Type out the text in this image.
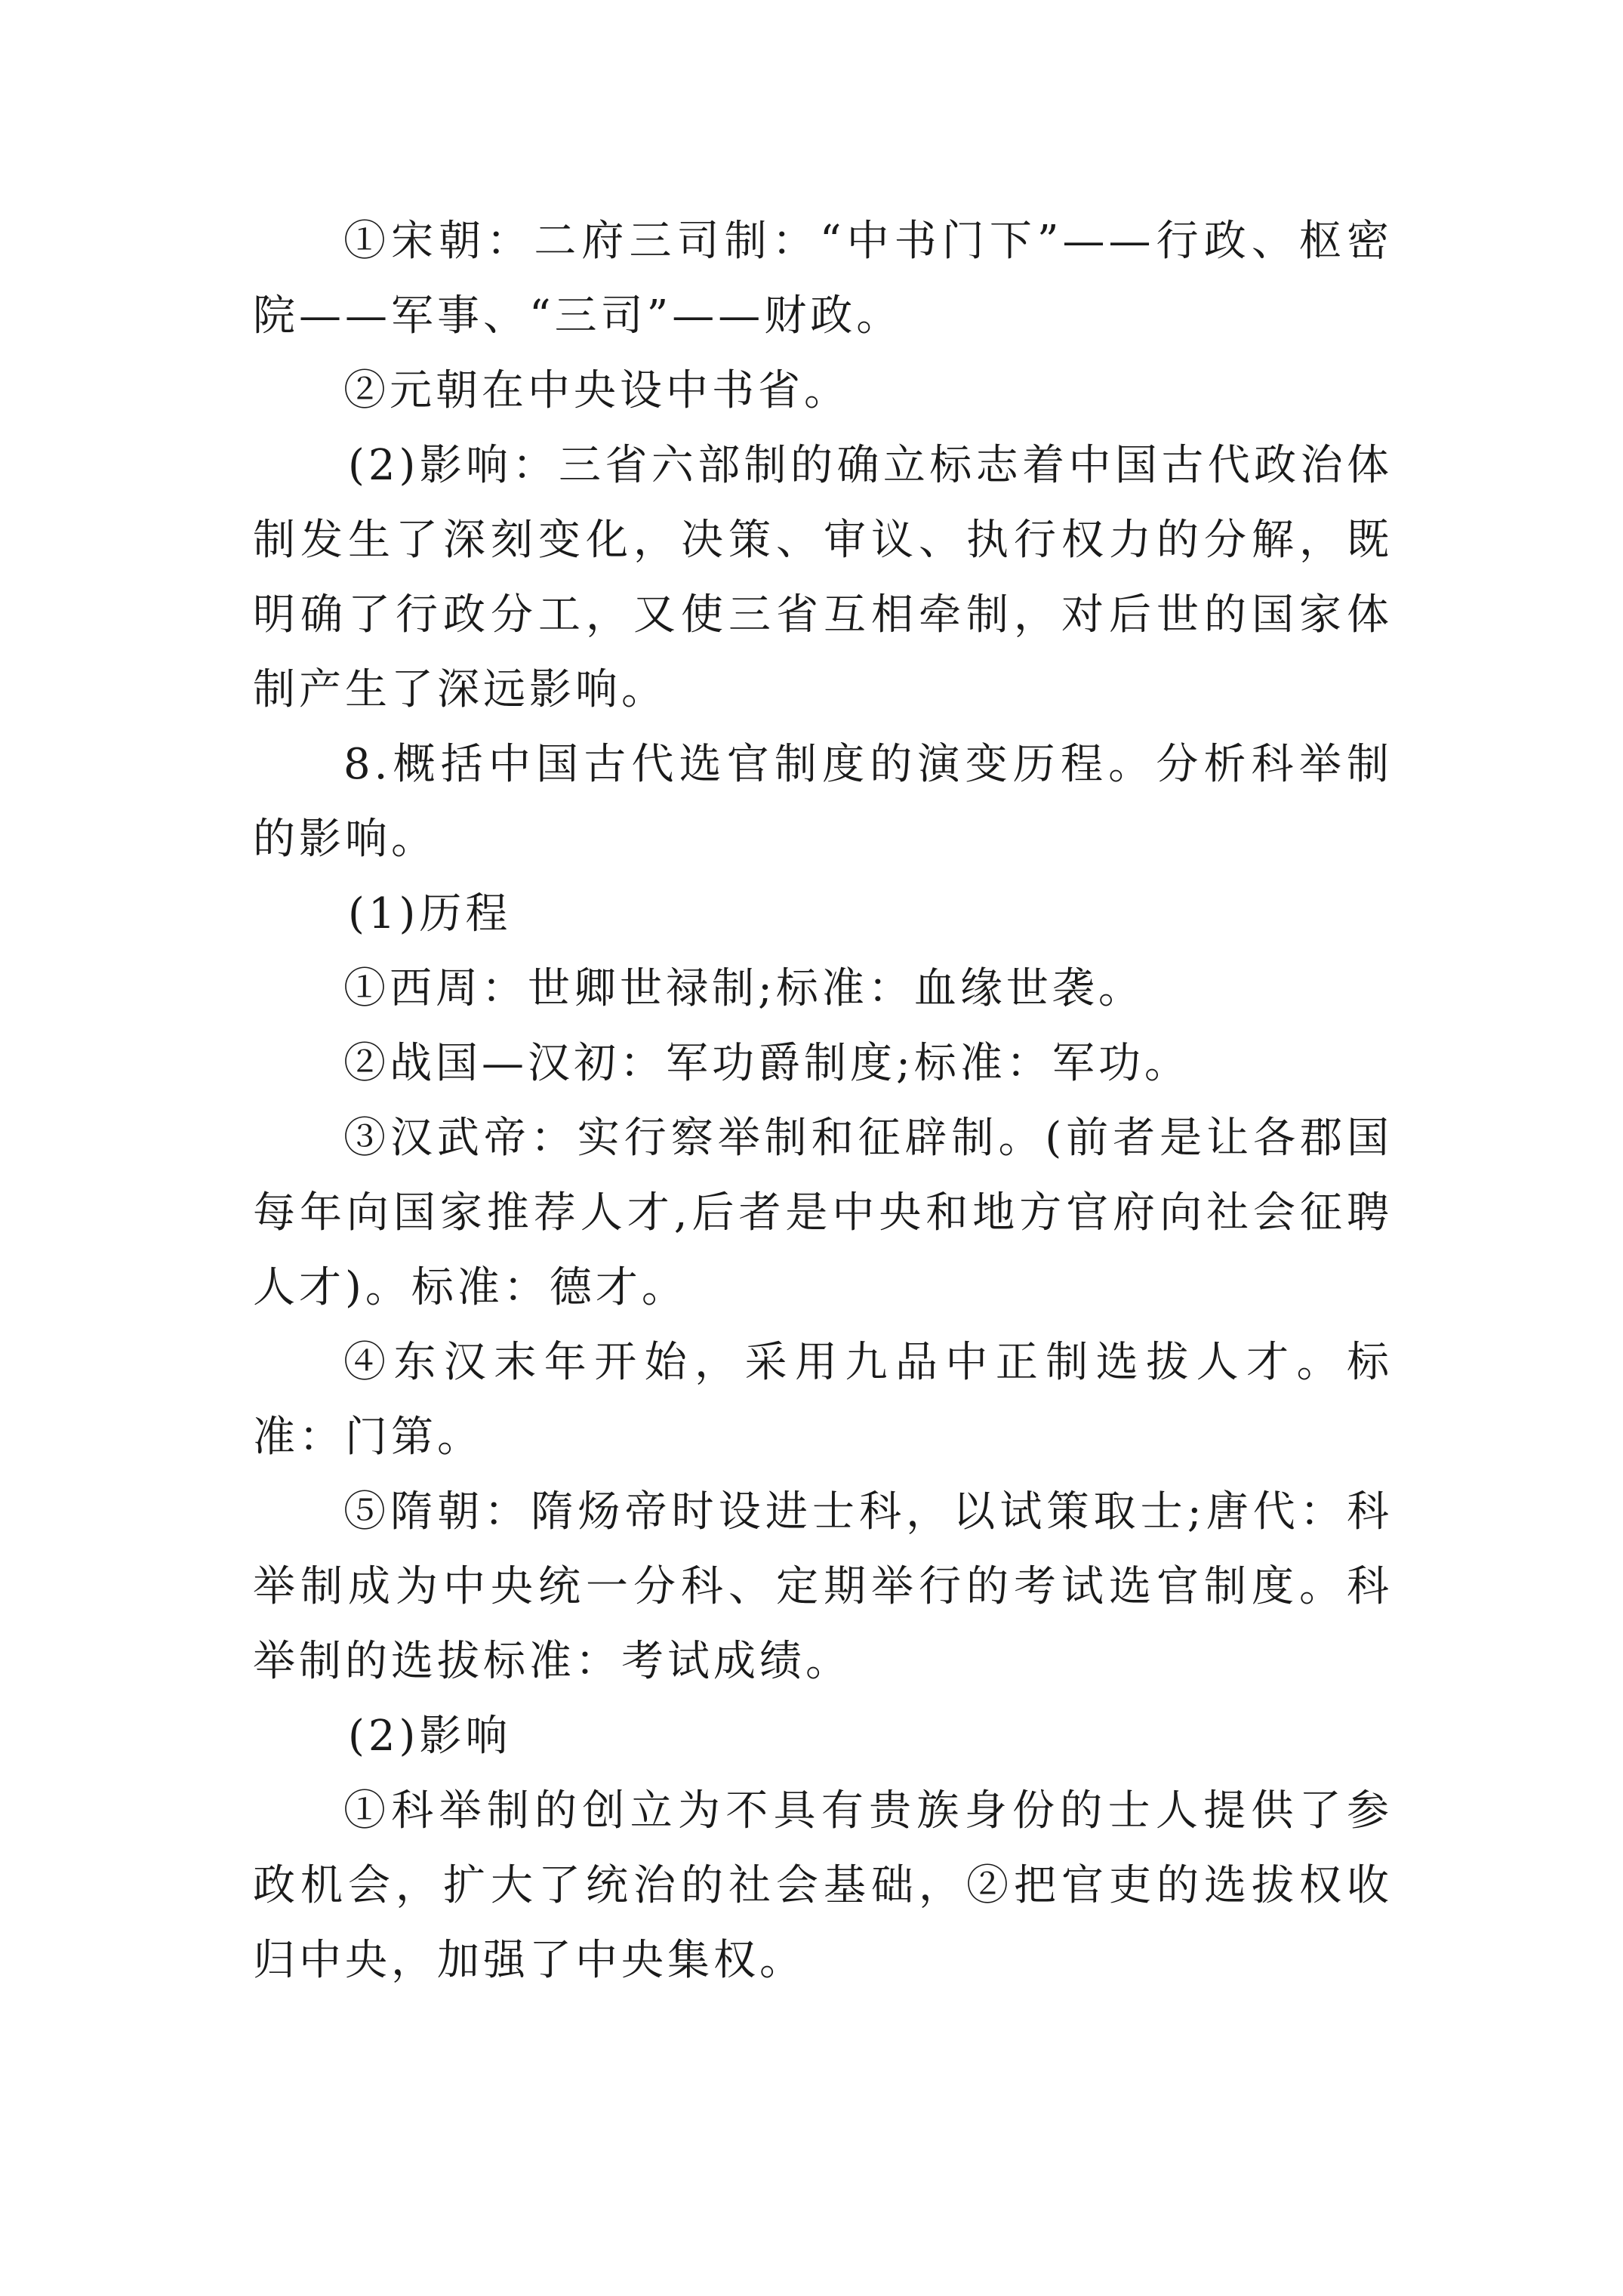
①宋朝：二府三司制：“中书门下”——行政、枢密院——军事、“三司”——财政。

②元朝在中央设中书省。

(2)影响：三省六部制的确立标志着中国古代政治体制发生了深刻变化，决策、审议、执行权力的分解，既明确了行政分工，又使三省互相牵制，对后世的国家体制产生了深远影响。

8.概括中国古代选官制度的演变历程。分析科举制的影响。

(1)历程

①西周：世卿世禄制;标准：血缘世袭。

②战国—汉初：军功爵制度;标准：军功。

③汉武帝：实行察举制和征辟制。(前者是让各郡国每年向国家推荐人才,后者是中央和地方官府向社会征聘人才)。标准：德才。

④东汉末年开始，采用九品中正制选拔人才。标准：门第。

⑤隋朝：隋炀帝时设进士科，以试策取士;唐代：科举制成为中央统一分科、定期举行的考试选官制度。科举制的选拔标准：考试成绩。

(2)影响

①科举制的创立为不具有贵族身份的士人提供了参政机会，扩大了统治的社会基础，②把官吏的选拔权收归中央，加强了中央集权。
